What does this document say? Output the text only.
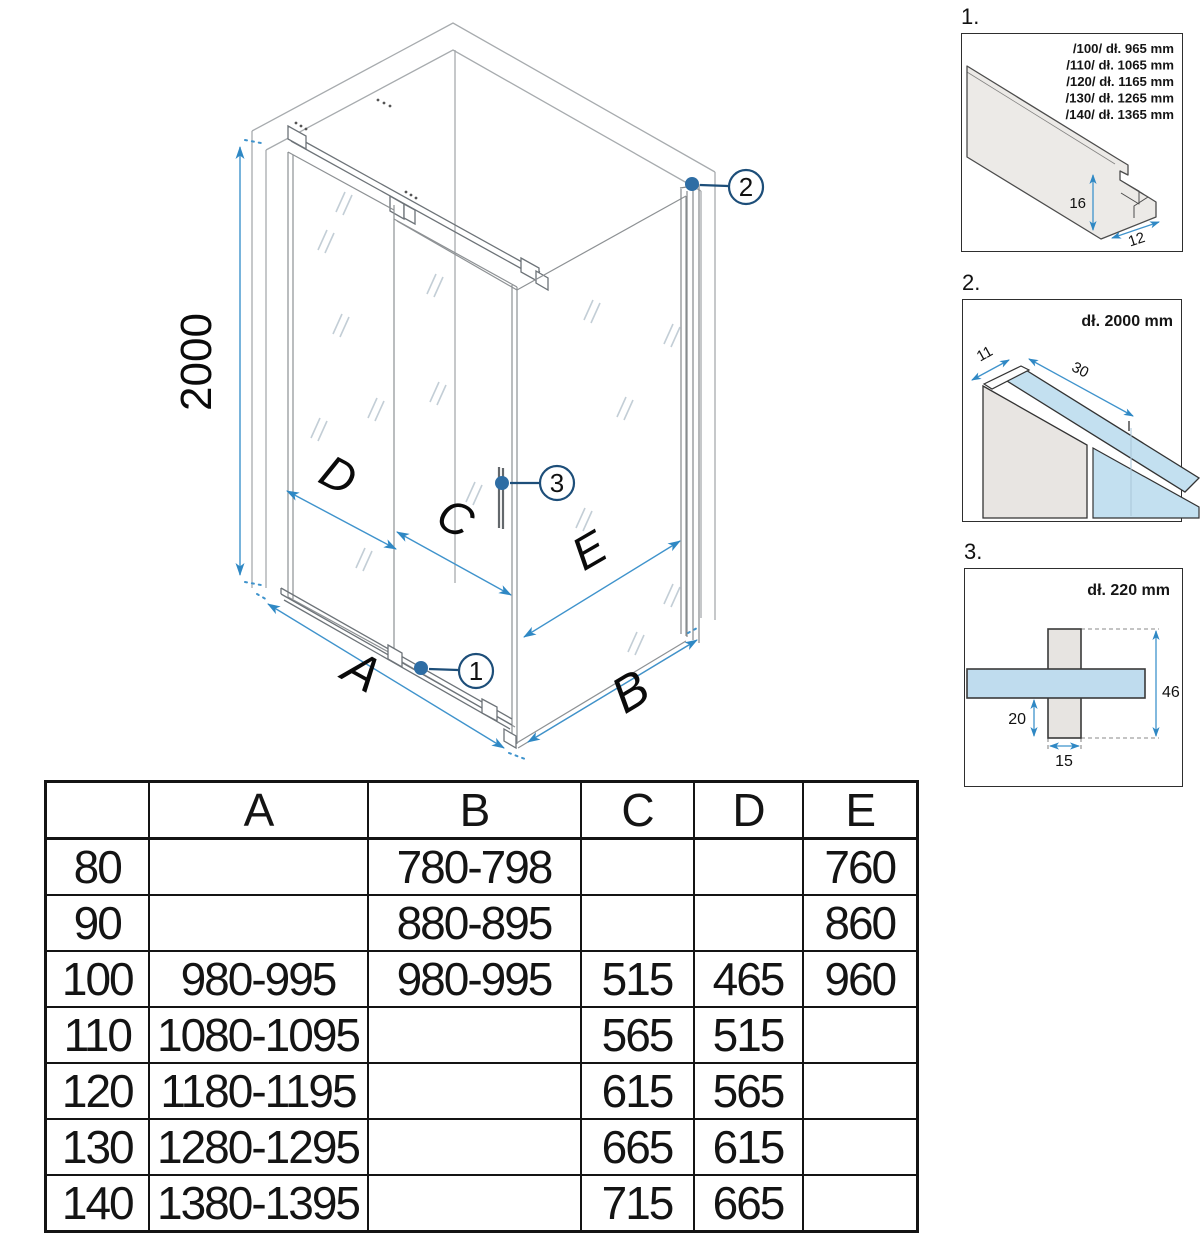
2000
D
C
E
A	B
1
2
3
1.
16
12
/100/ dł. 965 mm
/110/ dł. 1065 mm
/120/ dł. 1165 mm
/130/ dł. 1265 mm
/140/ dł. 1365 mm
2.
11
30
dł. 2000 mm
3.
46
20
15
dł. 220 mm
	A	B	C	D	E
80		780-798			760
90		880-895			860
100	980-995	980-995	515	465	960
110	1080-1095		565	515	
120	1180-1195		615	565	
130	1280-1295		665	615	
140	1380-1395		715	665	
